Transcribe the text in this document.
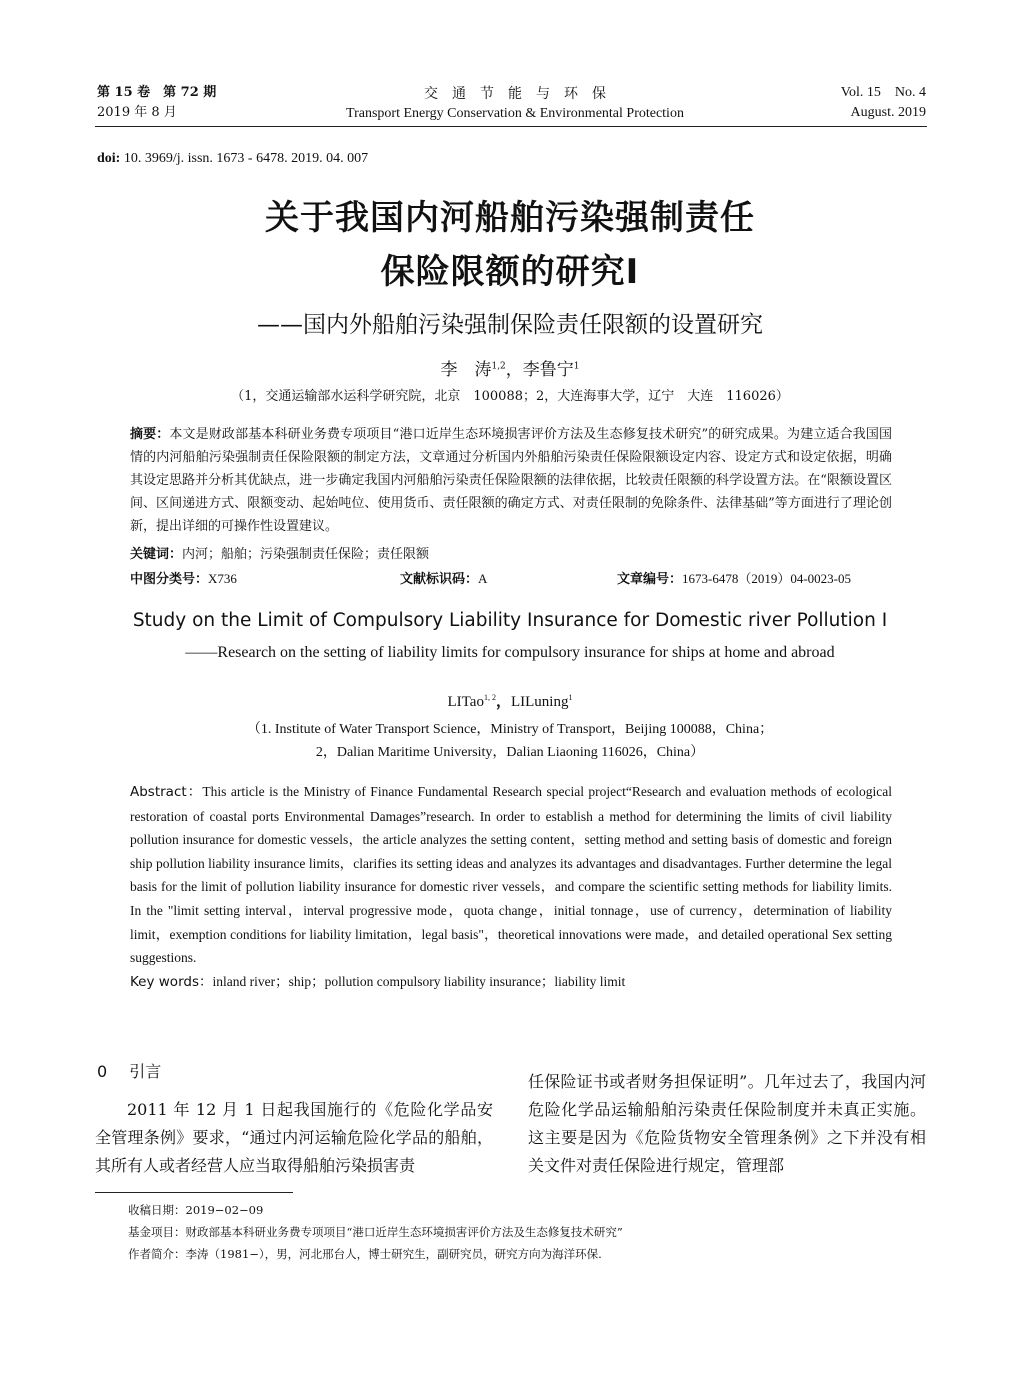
第 15 卷　第 72 期
2019 年 8 月
交　通　节　能　与　环　保
Transport Energy Conservation & Environmental Protection
Vol. 15　No. 4
August. 2019
doi: 10. 3969/j. issn. 1673 - 6478. 2019. 04. 007
关于我国内河船舶污染强制责任
保险限额的研究Ⅰ
——国内外船舶污染强制保险责任限额的设置研究
李　涛$^{1,2}$，李鲁宁$^1$
（1，交通运输部水运科学研究院，北京　100088；2，大连海事大学，辽宁　大连　116026）
摘要：本文是财政部基本科研业务费专项项目“港口近岸生态环境损害评价方法及生态修复技术研究”的研究成果。为建立适合我国国情的内河船舶污染强制责任保险限额的制定方法，文章通过分析国内外船舶污染责任保险限额设定内容、设定方式和设定依据，明确其设定思路并分析其优缺点，进一步确定我国内河船舶污染责任保险限额的法律依据，比较责任限额的科学设置方法。在“限额设置区间、区间递进方式、限额变动、起始吨位、使用货币、责任限额的确定方式、对责任限制的免除条件、法律基础”等方面进行了理论创新，提出详细的可操作性设置建议。
关键词：内河；船舶；污染强制责任保险；责任限额
中图分类号：X736	文献标识码：A	文章编号：1673-6478（2019）04-0023-05
Study on the Limit of Compulsory Liability Insurance for Domestic river Pollution Ⅰ
——Research on the setting of liability limits for compulsory insurance for ships at home and abroad
LITao$^{1, 2}$，LILuning$^1$
（1. Institute of Water Transport Science，Ministry of Transport，Beijing 100088，China；
2，Dalian Maritime University，Dalian Liaoning 116026，China）
Abstract：This article is the Ministry of Finance Fundamental Research special project“Research and evaluation methods of ecological restoration of coastal ports Environmental Damages”research. In order to establish a method for determining the limits of civil liability pollution insurance for domestic vessels，the article analyzes the setting content，setting method and setting basis of domestic and foreign ship pollution liability insurance limits，clarifies its setting ideas and analyzes its advantages and disadvantages. Further determine the legal basis for the limit of pollution liability insurance for domestic river vessels，and compare the scientific setting methods for liability limits. In the "limit setting interval，interval progressive mode，quota change，initial tonnage，use of currency，determination of liability limit，exemption conditions for liability limitation，legal basis"，theoretical innovations were made，and detailed operational Sex setting suggestions.
Key words：inland river；ship；pollution compulsory liability insurance；liability limit
0 引言
2011 年 12 月 1 日起我国施行的《危险化学品安全管理条例》要求，“通过内河运输危险化学品的船舶，其所有人或者经营人应当取得船舶污染损害责
任保险证书或者财务担保证明”。几年过去了，我国内河危险化学品运输船舶污染责任保险制度并未真正实施。这主要是因为《危险货物安全管理条例》之下并没有相关文件对责任保险进行规定，管理部
收稿日期：2019−02−09
基金项目：财政部基本科研业务费专项项目“港口近岸生态环境损害评价方法及生态修复技术研究”
作者简介：李涛（1981−），男，河北邢台人，博士研究生，副研究员，研究方向为海洋环保.
